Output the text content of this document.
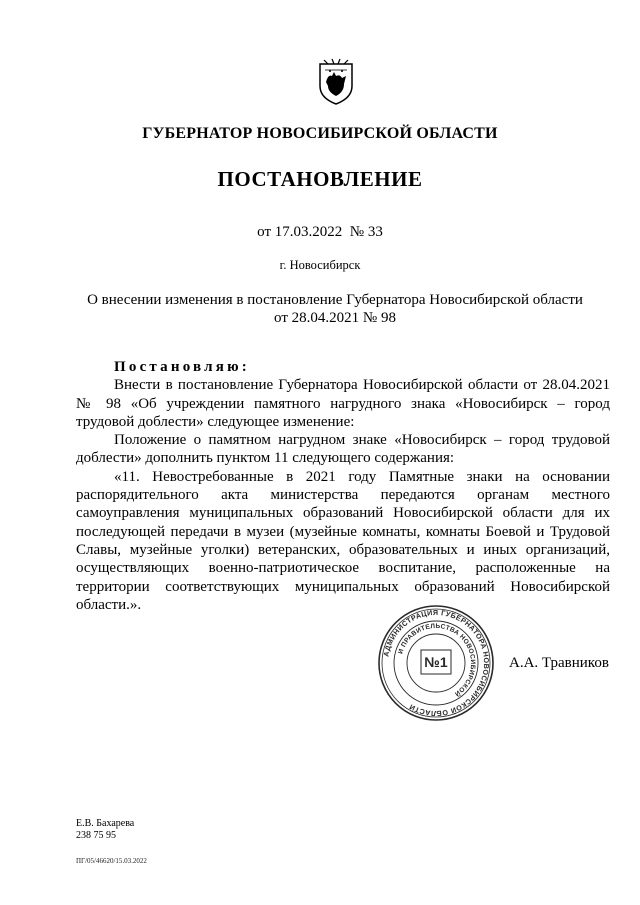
ГУБЕРНАТОР НОВОСИБИРСКОЙ ОБЛАСТИ
ПОСТАНОВЛЕНИЕ
от 17.03.2022 № 33
г. Новосибирск
О внесении изменения в постановление Губернатора Новосибирской области
от 28.04.2021 № 98

Постановляю:

Внести в постановление Губернатора Новосибирской области от 28.04.2021 № 98 «Об учреждении памятного нагрудного знака «Новосибирск – город трудовой доблести» следующее изменение:

Положение о памятном нагрудном знаке «Новосибирск – город трудовой доблести» дополнить пунктом 11 следующего содержания:

«11. Невостребованные в 2021 году Памятные знаки на основании распорядительного акта министерства передаются органам местного самоуправления муниципальных образований Новосибирской области для их последующей передачи в музеи (музейные комнаты, комнаты Боевой и Трудовой Славы, музейные уголки) ветеранских, образовательных и иных организаций, осуществляющих военно-патриотическое воспитание, расположенные на территории соответствующих муниципальных образований Новосибирской области.».

АДМИНИСТРАЦИЯ ГУБЕРНАТОРА НОВОСИБИРСКОЙ ОБЛАСТИ
И ПРАВИТЕЛЬСТВА НОВОСИБИРСКОЙ
№1	А.А. Травников
Е.В. Бахарева
238 75 95
ПГ/05/46620/15.03.2022
